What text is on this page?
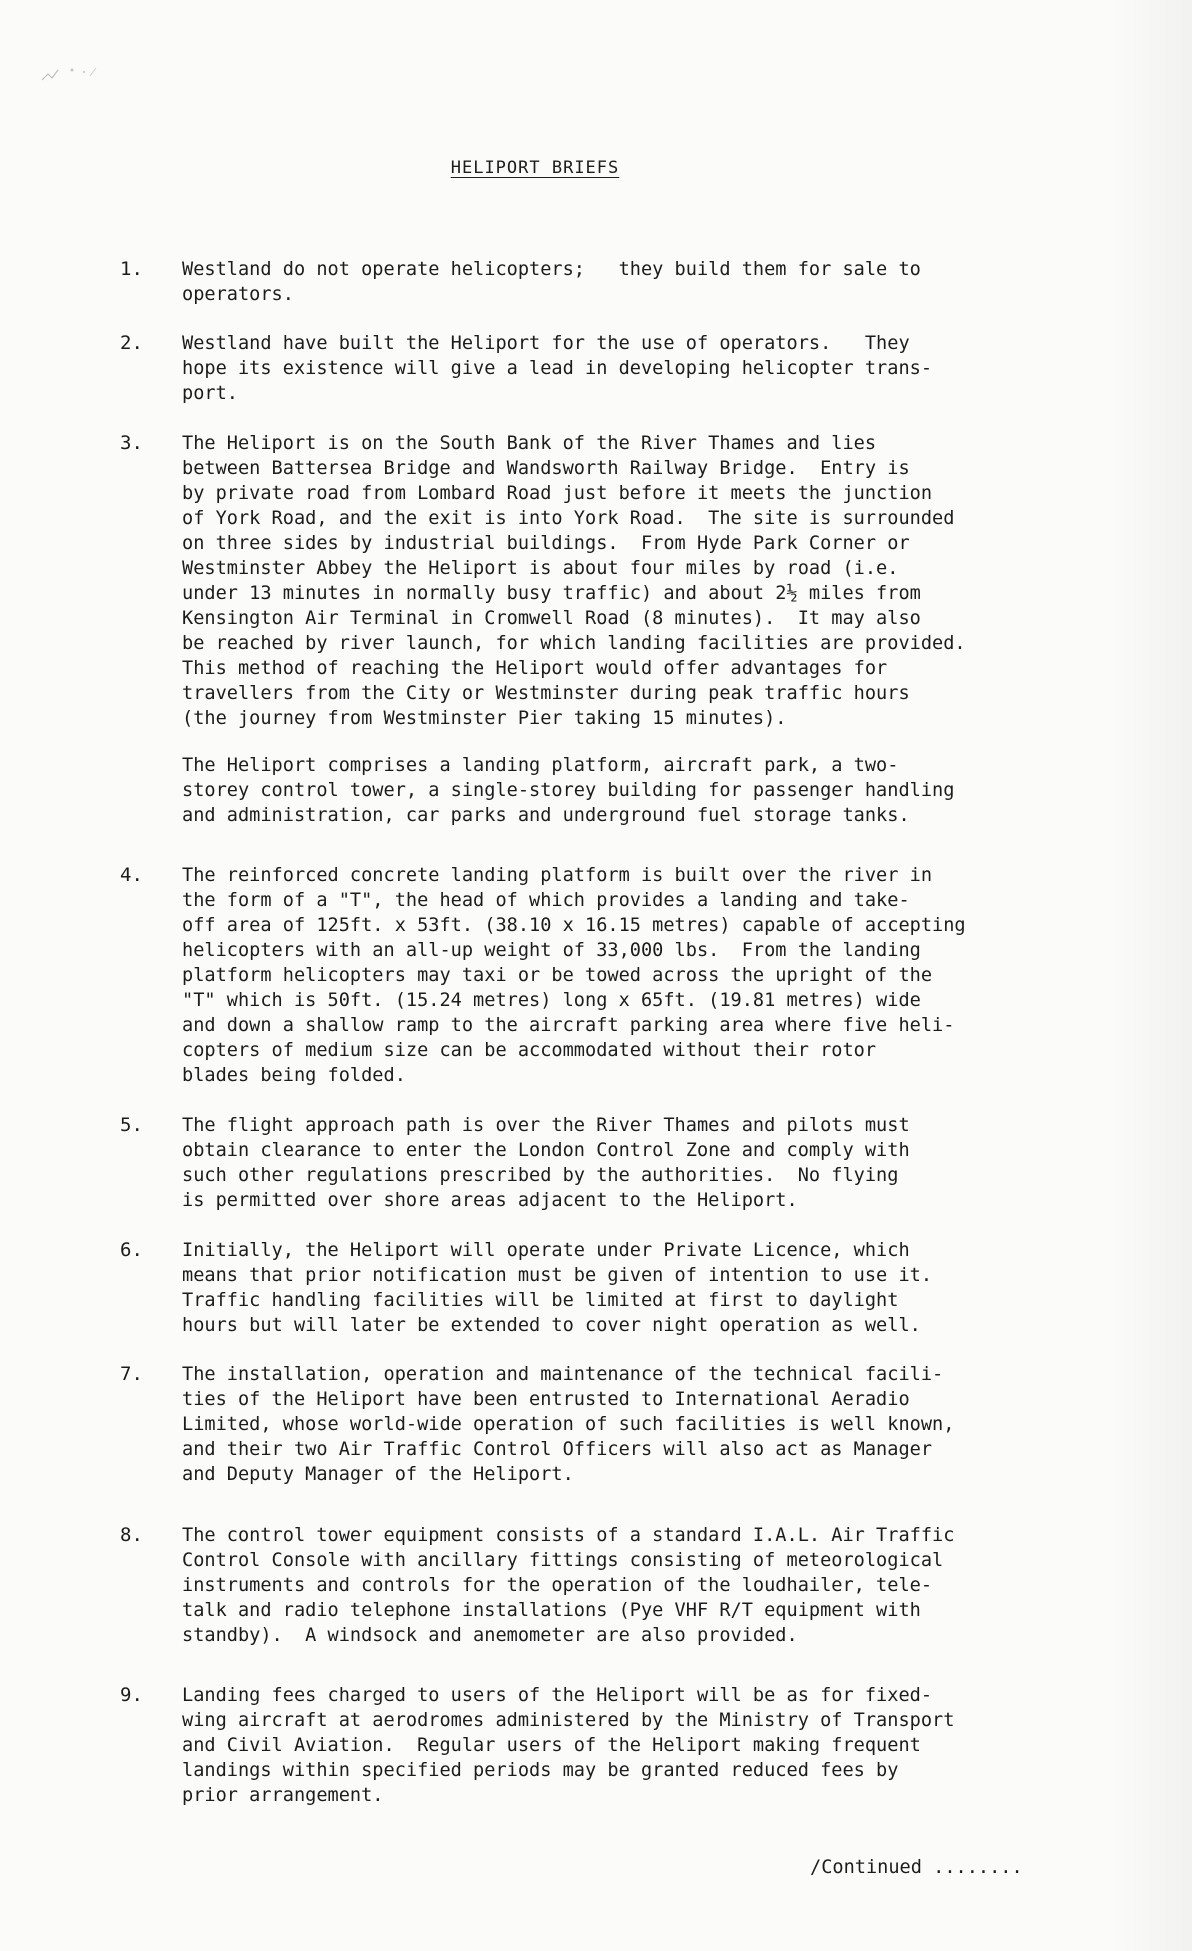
HELIPORT BRIEFS
1. Westland do not operate helicopters;   they build them for sale to
operators.
2. Westland have built the Heliport for the use of operators.   They
hope its existence will give a lead in developing helicopter trans-
port.
3. The Heliport is on the South Bank of the River Thames and lies
between Battersea Bridge and Wandsworth Railway Bridge.  Entry is
by private road from Lombard Road just before it meets the junction
of York Road, and the exit is into York Road.  The site is surrounded
on three sides by industrial buildings.  From Hyde Park Corner or
Westminster Abbey the Heliport is about four miles by road (i.e.
under 13 minutes in normally busy traffic) and about 2½ miles from
Kensington Air Terminal in Cromwell Road (8 minutes).  It may also
be reached by river launch, for which landing facilities are provided.
This method of reaching the Heliport would offer advantages for
travellers from the City or Westminster during peak traffic hours
(the journey from Westminster Pier taking 15 minutes).
The Heliport comprises a landing platform, aircraft park, a two-
storey control tower, a single-storey building for passenger handling
and administration, car parks and underground fuel storage tanks.
4. The reinforced concrete landing platform is built over the river in
the form of a "T", the head of which provides a landing and take-
off area of 125ft. x 53ft. (38.10 x 16.15 metres) capable of accepting
helicopters with an all-up weight of 33,000 lbs.  From the landing
platform helicopters may taxi or be towed across the upright of the
"T" which is 50ft. (15.24 metres) long x 65ft. (19.81 metres) wide
and down a shallow ramp to the aircraft parking area where five heli-
copters of medium size can be accommodated without their rotor
blades being folded.
5. The flight approach path is over the River Thames and pilots must
obtain clearance to enter the London Control Zone and comply with
such other regulations prescribed by the authorities.  No flying
is permitted over shore areas adjacent to the Heliport.
6. Initially, the Heliport will operate under Private Licence, which
means that prior notification must be given of intention to use it.
Traffic handling facilities will be limited at first to daylight
hours but will later be extended to cover night operation as well.
7. The installation, operation and maintenance of the technical facili-
ties of the Heliport have been entrusted to International Aeradio
Limited, whose world-wide operation of such facilities is well known,
and their two Air Traffic Control Officers will also act as Manager
and Deputy Manager of the Heliport.
8. The control tower equipment consists of a standard I.A.L. Air Traffic
Control Console with ancillary fittings consisting of meteorological
instruments and controls for the operation of the loudhailer, tele-
talk and radio telephone installations (Pye VHF R/T equipment with
standby).  A windsock and anemometer are also provided.
9. Landing fees charged to users of the Heliport will be as for fixed-
wing aircraft at aerodromes administered by the Ministry of Transport
and Civil Aviation.  Regular users of the Heliport making frequent
landings within specified periods may be granted reduced fees by
prior arrangement.
/Continued ........
